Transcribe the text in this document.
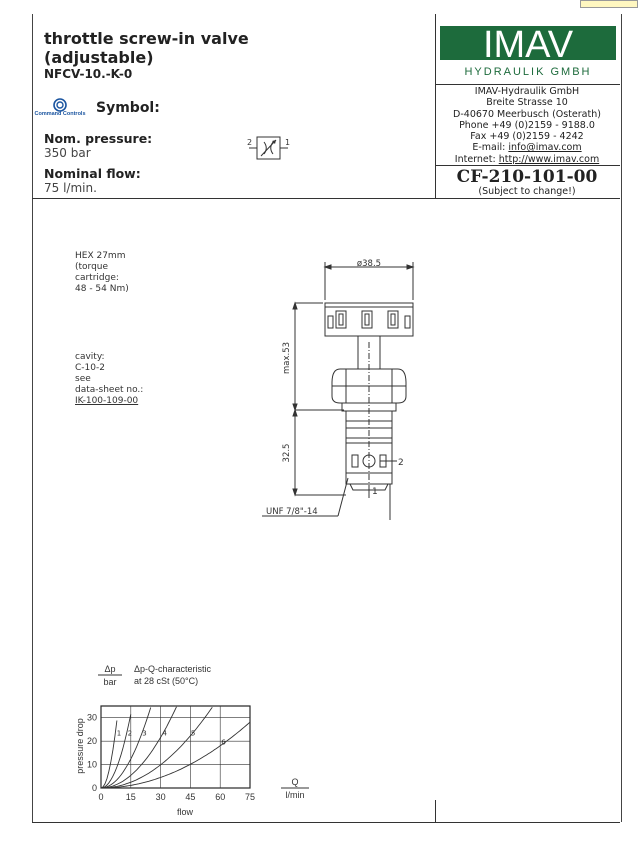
throttle screw-in valve
(adjustable)
NFCV-10.-K-0
Command Controls Symbol:
Nom. pressure:
350 bar
Nominal flow:
75 l/min.
2	1
IMAV
HYDRAULIK GMBH
IMAV-Hydraulik GmbH
Breite Strasse 10
D-40670 Meerbusch (Osterath)
Phone +49 (0)2159 - 9188.0
Fax +49 (0)2159 - 4242
E-mail: info@imav.com
Internet: http://www.imav.com
CF-210-101-00
(Subject to change!)
HEX 27mm
(torque
cartridge:
48 - 54 Nm)
cavity:
C-10-2
see
data-sheet no.:
IK-100-109-00
ø38.5
max.53
32.5
2
1
UNF 7/8"-14
Δp
bar
Δp-Q-characteristic
at 28 cSt (50°C)
pressure drop
flow
Q
l/min
1 2 3 4	5
6
0 15 30 45 60 75
0
10
20
30
